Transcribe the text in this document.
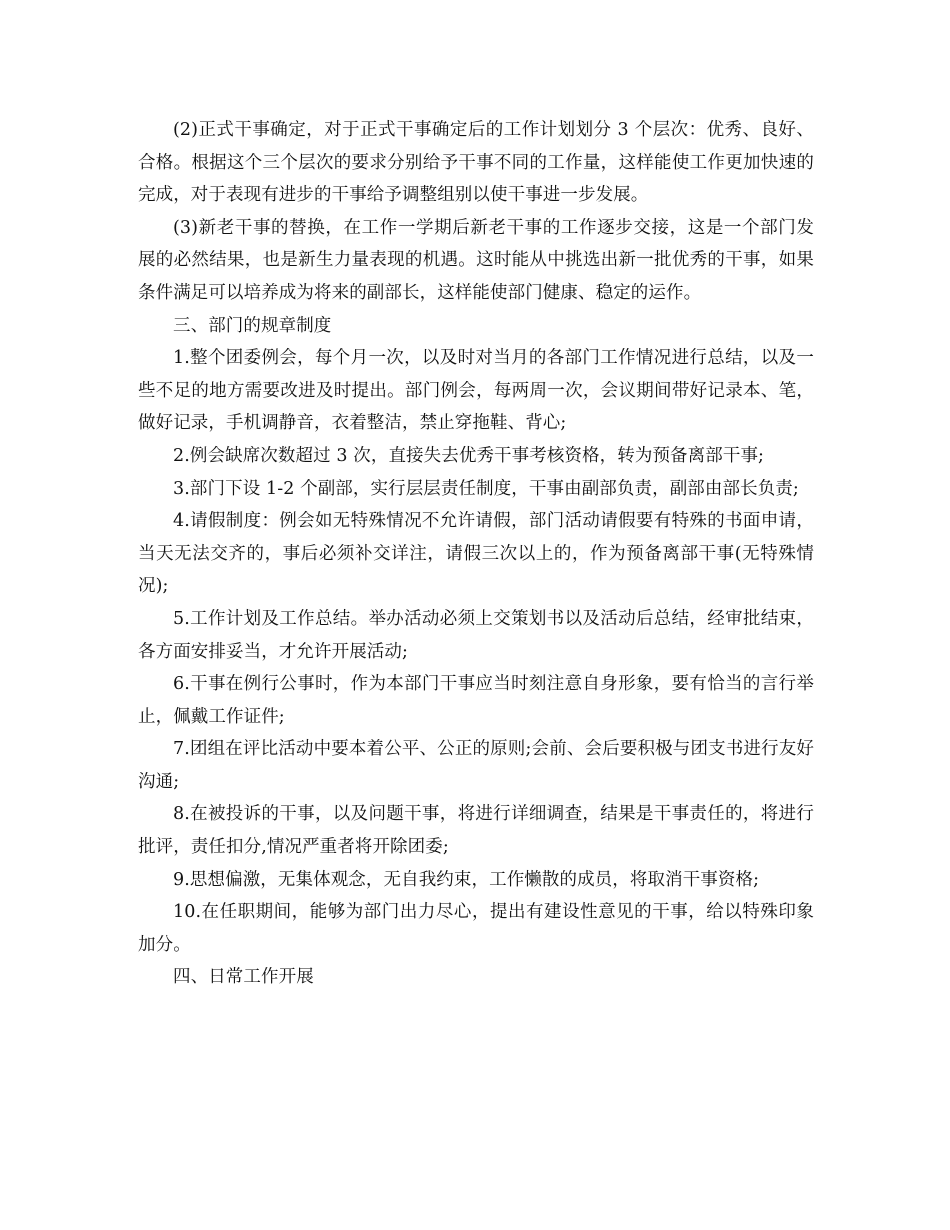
(2)正式干事确定，对于正式干事确定后的工作计划划分 3 个层次：优秀、良好、合格。根据这个三个层次的要求分别给予干事不同的工作量，这样能使工作更加快速的完成，对于表现有进步的干事给予调整组别以使干事进一步发展。

(3)新老干事的替换，在工作一学期后新老干事的工作逐步交接，这是一个部门发展的必然结果，也是新生力量表现的机遇。这时能从中挑选出新一批优秀的干事，如果条件满足可以培养成为将来的副部长，这样能使部门健康、稳定的运作。

三、部门的规章制度

1.整个团委例会，每个月一次，以及时对当月的各部门工作情况进行总结，以及一些不足的地方需要改进及时提出。部门例会，每两周一次，会议期间带好记录本、笔，做好记录，手机调静音，衣着整洁，禁止穿拖鞋、背心;

2.例会缺席次数超过 3 次，直接失去优秀干事考核资格，转为预备离部干事;

3.部门下设 1-2 个副部，实行层层责任制度，干事由副部负责，副部由部长负责;

4.请假制度：例会如无特殊情况不允许请假，部门活动请假要有特殊的书面申请，当天无法交齐的，事后必须补交详注，请假三次以上的，作为预备离部干事(无特殊情况);

5.工作计划及工作总结。举办活动必须上交策划书以及活动后总结，经审批结束，各方面安排妥当，才允许开展活动;

6.干事在例行公事时，作为本部门干事应当时刻注意自身形象，要有恰当的言行举止，佩戴工作证件;

7.团组在评比活动中要本着公平、公正的原则;会前、会后要积极与团支书进行友好沟通;

8.在被投诉的干事，以及问题干事，将进行详细调查，结果是干事责任的，将进行批评，责任扣分,情况严重者将开除团委;

9.思想偏激，无集体观念，无自我约束，工作懒散的成员，将取消干事资格;

10.在任职期间，能够为部门出力尽心，提出有建设性意见的干事，给以特殊印象加分。

四、日常工作开展
